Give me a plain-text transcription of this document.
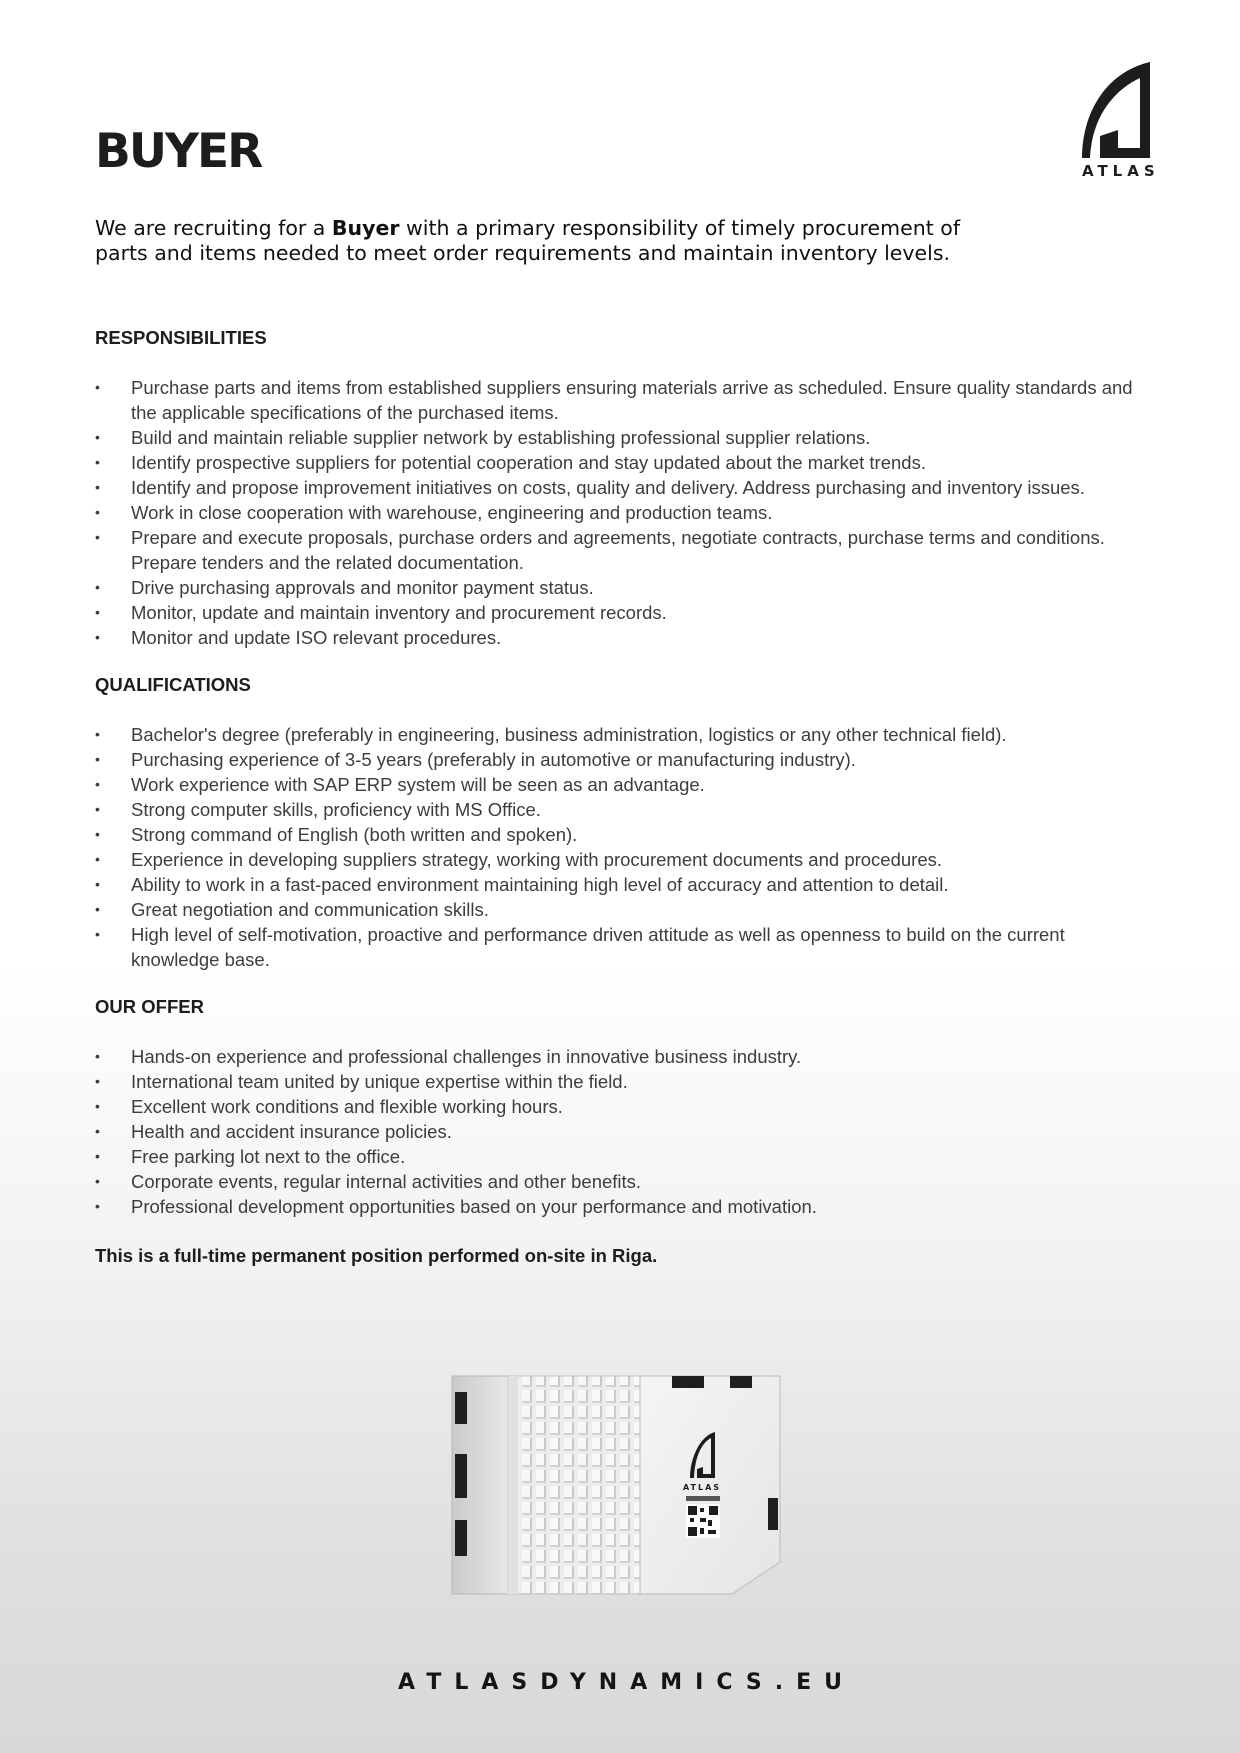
ATLAS
BUYER

We are recruiting for a Buyer with a primary responsibility of timely procurement of parts and items needed to meet order requirements and maintain inventory levels.

RESPONSIBILITIES
• Purchase parts and items from established suppliers ensuring materials arrive as scheduled. Ensure quality standards and the applicable specifications of the purchased items.
• Build and maintain reliable supplier network by establishing professional supplier relations.
• Identify prospective suppliers for potential cooperation and stay updated about the market trends.
• Identify and propose improvement initiatives on costs, quality and delivery. Address purchasing and inventory issues.
• Work in close cooperation with warehouse, engineering and production teams.
• Prepare and execute proposals, purchase orders and agreements, negotiate contracts, purchase terms and conditions. Prepare tenders and the related documentation.
• Drive purchasing approvals and monitor payment status.
• Monitor, update and maintain inventory and procurement records.
• Monitor and update ISO relevant procedures.
QUALIFICATIONS
• Bachelor's degree (preferably in engineering, business administration, logistics or any other technical field).
• Purchasing experience of 3-5 years (preferably in automotive or manufacturing industry).
• Work experience with SAP ERP system will be seen as an advantage.
• Strong computer skills, proficiency with MS Office.
• Strong command of English (both written and spoken).
• Experience in developing suppliers strategy, working with procurement documents and procedures.
• Ability to work in a fast-paced environment maintaining high level of accuracy and attention to detail.
• Great negotiation and communication skills.
• High level of self-motivation, proactive and performance driven attitude as well as openness to build on the current knowledge base.
OUR OFFER
• Hands-on experience and professional challenges in innovative business industry.
• International team united by unique expertise within the field.
• Excellent work conditions and flexible working hours.
• Health and accident insurance policies.
• Free parking lot next to the office.
• Corporate events, regular internal activities and other benefits.
• Professional development opportunities based on your performance and motivation.

This is a full-time permanent position performed on-site in Riga.

ATLAS
ATLASDYNAMICS.EU
